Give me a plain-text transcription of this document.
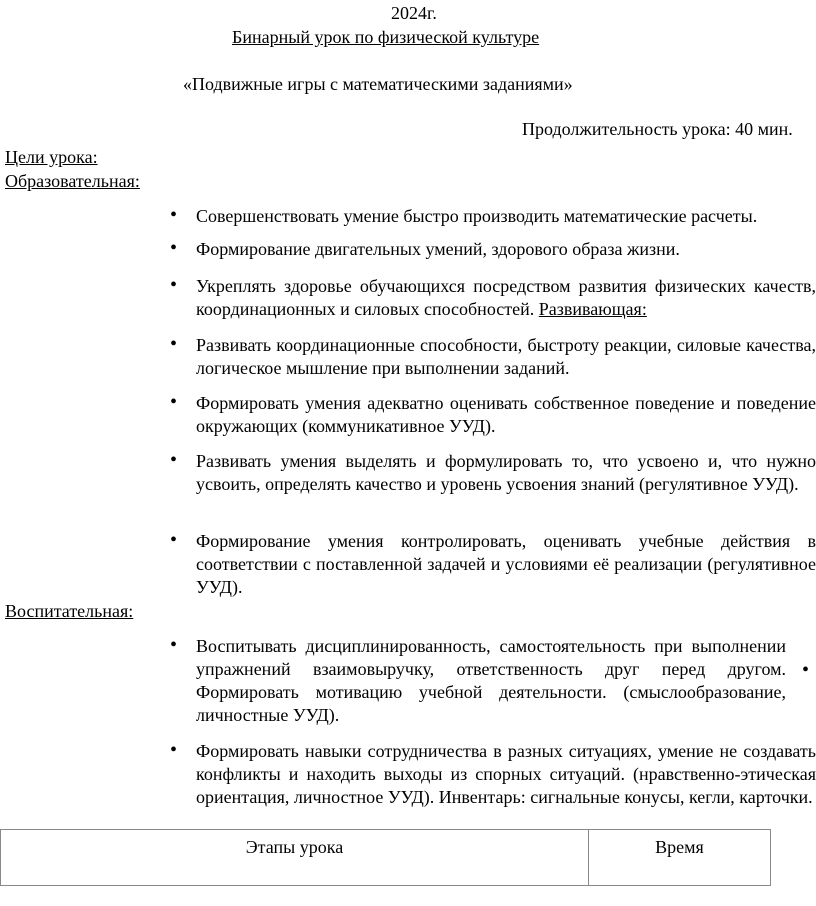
2024г.
Бинарный урок по физической культуре
«Подвижные игры с математическими заданиями»
Продолжительность урока: 40 мин.
Цели урока:
Образовательная:
• Совершенствовать умение быстро производить математические расчеты.
• Формирование двигательных умений, здорового образа жизни.
• Укреплять здоровье обучающихся посредством развития физических качеств, координационных и силовых способностей. Развивающая:
• Развивать координационные способности, быстроту реакции, силовые качества, логическое мышление при выполнении заданий.
• Формировать умения адекватно оценивать собственное поведение и поведение окружающих (коммуникативное УУД).
• Развивать умения выделять и формулировать то, что усвоено и, что нужно усвоить, определять качество и уровень усвоения знаний (регулятивное УУД).
• Формирование умения контролировать, оценивать учебные действия в соответствии с поставленной задачей и условиями её реализации (регулятивное УУД).
Воспитательная:
• Воспитывать дисциплинированность, самостоятельность при выполнении упражнений взаимовыручку, ответственность друг перед другом. Формировать мотивацию учебной деятельности. (смыслообразование, личностные УУД).
•
• Формировать навыки сотрудничества в разных ситуациях, умение не создавать конфликты и находить выходы из спорных ситуаций. (нравственно-этическая ориентация, личностное УУД). Инвентарь: сигнальные конусы, кегли, карточки.
Этапы урока	Время
